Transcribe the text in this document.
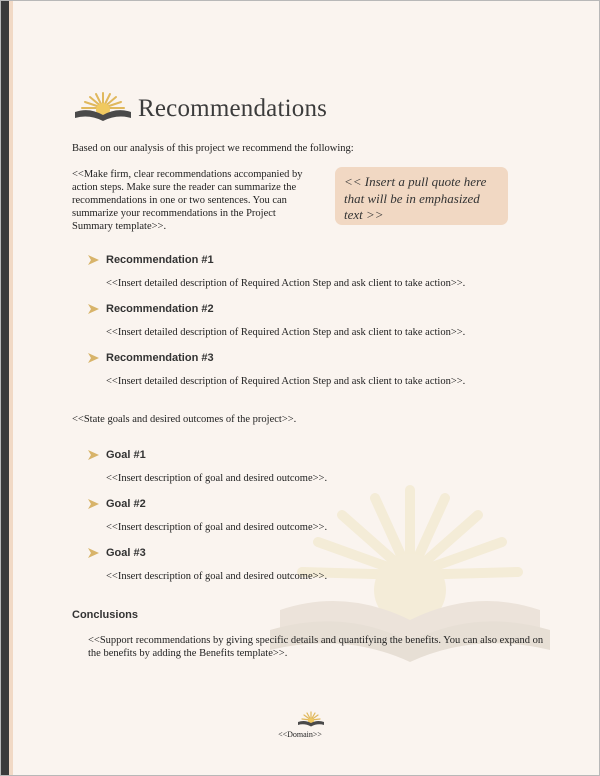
Recommendations
Based on our analysis of this project we recommend the following:
<<Make firm, clear recommendations accompanied by action steps. Make sure the reader can summarize the recommendations in one or two sentences. You can summarize your recommendations in the Project Summary template>>.
<< Insert a pull quote here that will be in emphasized text >>
Recommendation #1
<<Insert detailed description of Required Action Step and ask client to take action>>.
Recommendation #2
<<Insert detailed description of Required Action Step and ask client to take action>>.
Recommendation #3
<<Insert detailed description of Required Action Step and ask client to take action>>.
<<State goals and desired outcomes of the project>>.
Goal #1
<<Insert description of goal and desired outcome>>.
Goal #2
<<Insert description of goal and desired outcome>>.
Goal #3
<<Insert description of goal and desired outcome>>.
Conclusions
<<Support recommendations by giving specific details and quantifying the benefits. You can also expand on the benefits by adding the Benefits template>>.
<<Domain>>
